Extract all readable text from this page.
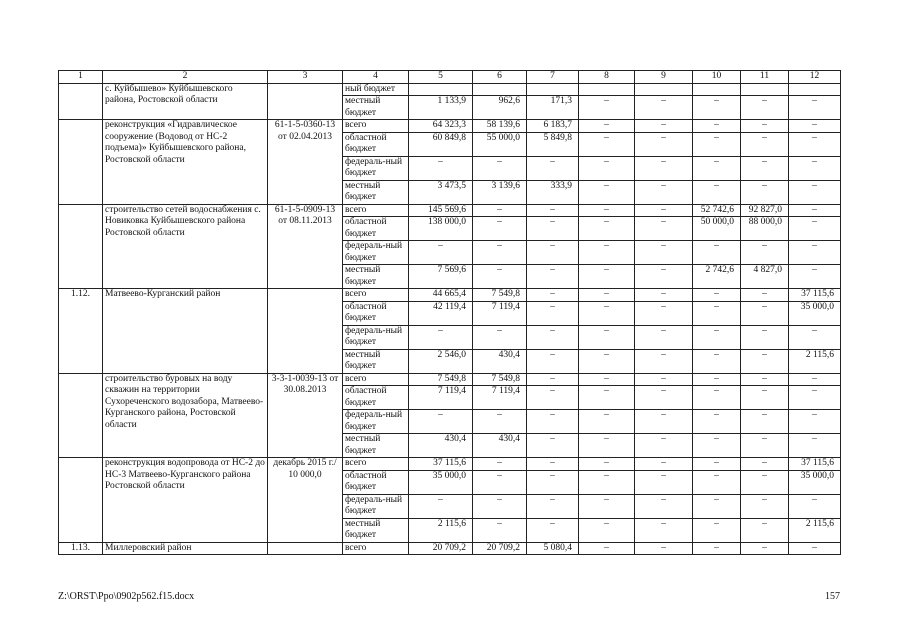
1	2	3	4	5	6	7	8	9	10	11	12
	с. Куйбышево» Куйбышевского района, Ростовской области		ный бюджет								
			местный бюджет	1 133,9	962,6	171,3	–	–	–	–	–
	реконструкция «Гидравлическое сооружение (Водовод от НС-2 подъема)» Куйбышевского района, Ростовской области	61-1-5-0360-13 от 02.04.2013	всего	64 323,3	58 139,6	6 183,7	–	–	–	–	–
			областной бюджет	60 849,8	55 000,0	5 849,8	–	–	–	–	–
			федераль-ный бюджет	–	–	–	–	–	–	–	–
			местный бюджет	3 473,5	3 139,6	333,9	–	–	–	–	–
	строительство сетей водоснабжения с. Новиковка Куйбышевского района Ростовской области	61-1-5-0909-13 от 08.11.2013	всего	145 569,6	–	–	–	–	52 742,6	92 827,0	–
			областной бюджет	138 000,0	–	–	–	–	50 000,0	88 000,0	–
			федераль-ный бюджет	–	–	–	–	–	–	–	–
			местный бюджет	7 569,6	–	–	–	–	2 742,6	4 827,0	–
1.12.	Матвеево-Курганский район		всего	44 665,4	7 549,8	–	–	–	–	–	37 115,6
			областной бюджет	42 119,4	7 119,4	–	–	–	–	–	35 000,0
			федераль-ный бюджет	–	–	–	–	–	–	–	–
			местный бюджет	2 546,0	430,4	–	–	–	–	–	2 115,6
	строительство буровых на воду скважин на территории Сухореченского водозабора, Матвеево-Курганского района, Ростовской области	3-3-1-0039-13 от 30.08.2013	всего	7 549,8	7 549,8	–	–	–	–	–	–
			областной бюджет	7 119,4	7 119,4	–	–	–	–	–	–
			федераль-ный бюджет	–	–	–	–	–	–	–	–
			местный бюджет	430,4	430,4	–	–	–	–	–	–
	реконструкция водопровода от НС-2 до НС-3 Матвеево-Курганского района Ростовской области	декабрь 2015 г./ 10 000,0	всего	37 115,6	–	–	–	–	–	–	37 115,6
			областной бюджет	35 000,0	–	–	–	–	–	–	35 000,0
			федераль-ный бюджет	–	–	–	–	–	–	–	–
			местный бюджет	2 115,6	–	–	–	–	–	–	2 115,6
1.13.	Миллеровский район		всего	20 709,2	20 709,2	5 080,4	–	–	–	–	–
Z:\ORST\Ppo\0902p562.f15.docx	157
